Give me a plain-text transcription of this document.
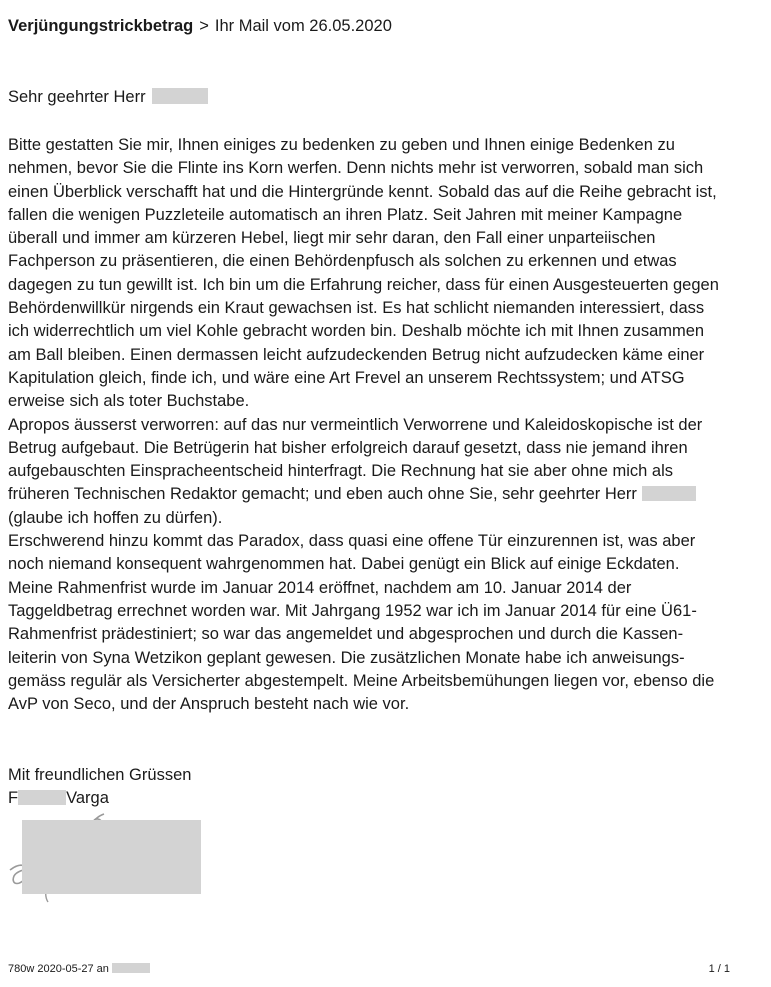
Verjüngungstrickbetrag > Ihr Mail vom 26.05.2020
Sehr geehrter Herr

Bitte gestatten Sie mir, Ihnen einiges zu bedenken zu geben und Ihnen einige Bedenken zu

nehmen, bevor Sie die Flinte ins Korn werfen. Denn nichts mehr ist verworren, sobald man sich

einen Überblick verschafft hat und die Hintergründe kennt. Sobald das auf die Reihe gebracht ist,

fallen die wenigen Puzzleteile automatisch an ihren Platz. Seit Jahren mit meiner Kampagne

überall und immer am kürzeren Hebel, liegt mir sehr daran, den Fall einer unparteiischen

Fachperson zu präsentieren, die einen Behördenpfusch als solchen zu erkennen und etwas

dagegen zu tun gewillt ist. Ich bin um die Erfahrung reicher, dass für einen Ausgesteuerten gegen

Behördenwillkür nirgends ein Kraut gewachsen ist. Es hat schlicht niemanden interessiert, dass

ich widerrechtlich um viel Kohle gebracht worden bin. Deshalb möchte ich mit Ihnen zusammen

am Ball bleiben. Einen dermassen leicht aufzudeckenden Betrug nicht aufzudecken käme einer

Kapitulation gleich, finde ich, und wäre eine Art Frevel an unserem Rechtssystem; und ATSG

erweise sich als toter Buchstabe.

Apropos äusserst verworren: auf das nur vermeintlich Verworrene und Kaleidoskopische ist der

Betrug aufgebaut. Die Betrügerin hat bisher erfolgreich darauf gesetzt, dass nie jemand ihren

aufgebauschten Einspracheentscheid hinterfragt. Die Rechnung hat sie aber ohne mich als

früheren Technischen Redaktor gemacht; und eben auch ohne Sie, sehr geehrter Herr

(glaube ich hoffen zu dürfen).

Erschwerend hinzu kommt das Paradox, dass quasi eine offene Tür einzurennen ist, was aber

noch niemand konsequent wahrgenommen hat. Dabei genügt ein Blick auf einige Eckdaten.

Meine Rahmenfrist wurde im Januar 2014 eröffnet, nachdem am 10. Januar 2014 der

Taggeldbetrag errechnet worden war. Mit Jahrgang 1952 war ich im Januar 2014 für eine Ü61-

Rahmenfrist prädestiniert; so war das angemeldet und abgesprochen und durch die Kassen-

leiterin von Syna Wetzikon geplant gewesen. Die zusätzlichen Monate habe ich anweisungs-

gemäss regulär als Versicherter abgestempelt. Meine Arbeitsbemühungen liegen vor, ebenso die

AvP von Seco, und der Anspruch besteht nach wie vor.

Mit freundlichen Grüssen
F	Varga
780w 2020-05-27 an	1 / 1
